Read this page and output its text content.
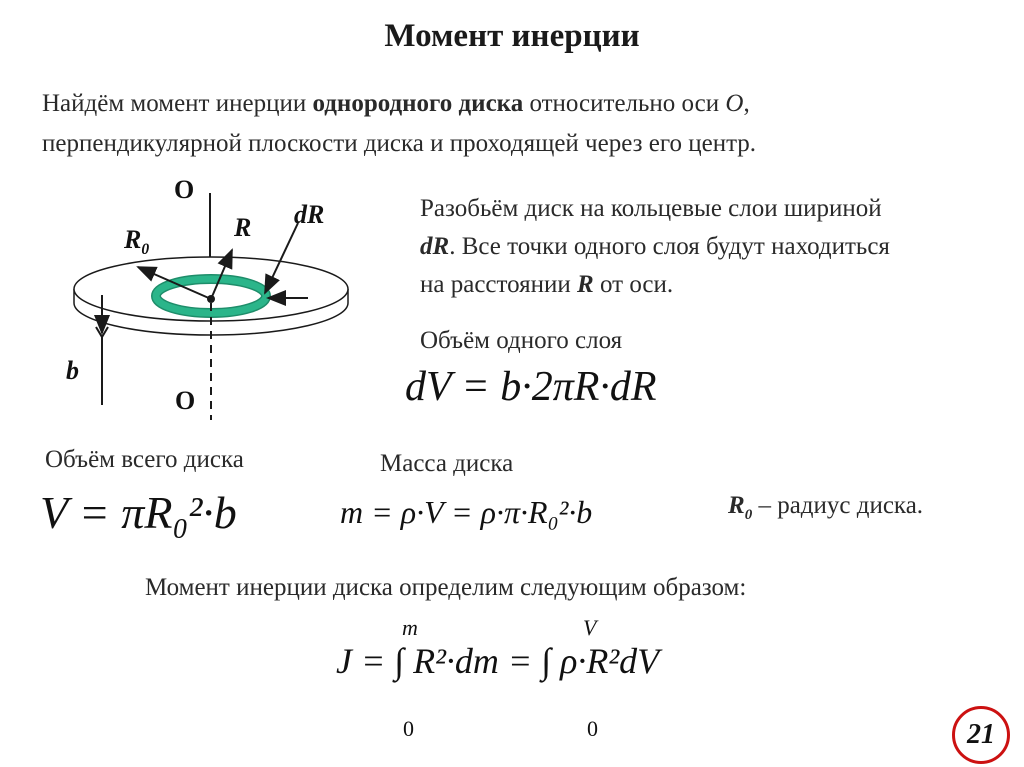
Момент инерции
Найдём момент инерции однородного диска относительно оси О,
перпендикулярной плоскости диска и проходящей через его центр.
O
O
$R_0$
R dR
b
Разобьём диск на кольцевые слои шириной
dR. Все точки одного слоя будут находиться
на расстоянии R от оси.
Объём одного слоя
dV = b·2πR·dR
Объём всего диска
V = πR₀²·b
Масса диска
m = ρ·V = ρ·π·R₀²·b	$R_0$ – радиус диска.
Момент инерции диска определим следующим образом:
J = ∫ R²·dm = ∫ ρ·R²dV
m
0
V
0	21
